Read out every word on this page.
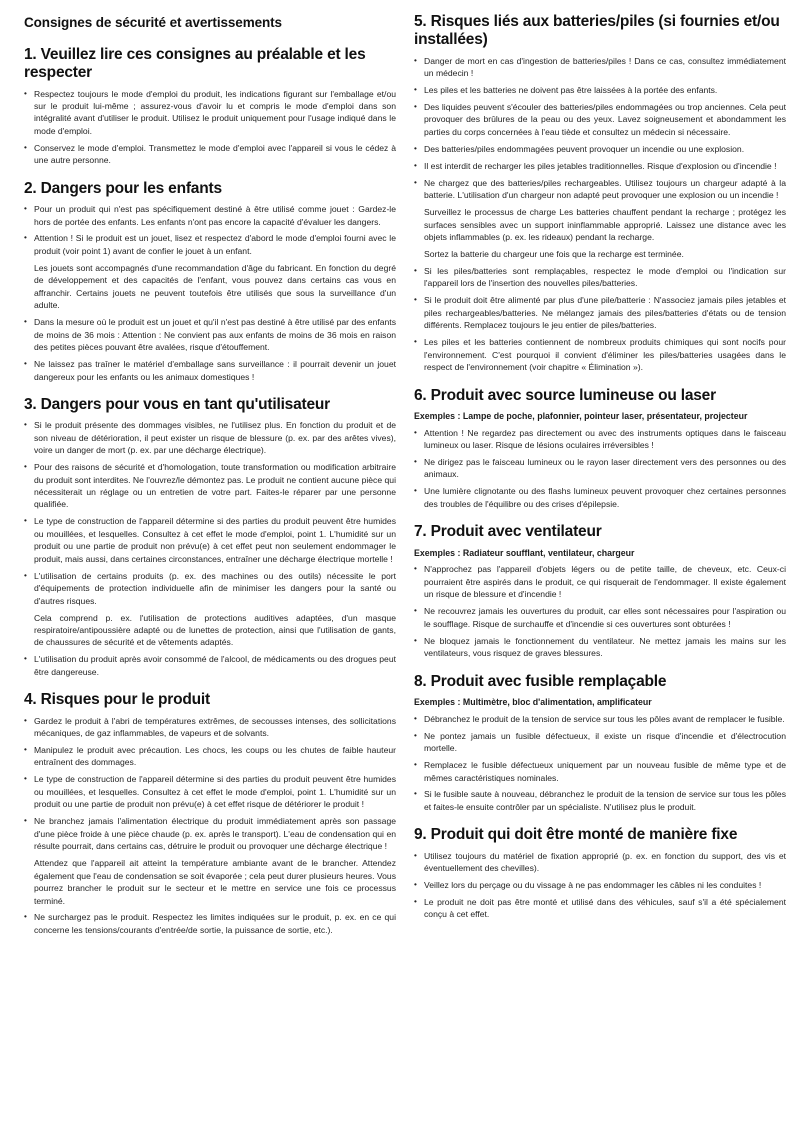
Consignes de sécurité et avertissements
1. Veuillez lire ces consignes au préalable et les respecter
• Respectez toujours le mode d'emploi du produit, les indications figurant sur l'emballage et/ou sur le produit lui-même ; assurez-vous d'avoir lu et compris le mode d'emploi dans son intégralité avant d'utiliser le produit. Utilisez le produit uniquement pour l'usage indiqué dans le mode d'emploi.

• Conservez le mode d'emploi. Transmettez le mode d'emploi avec l'appareil si vous le cédez à une autre personne.

2. Dangers pour les enfants
• Pour un produit qui n'est pas spécifiquement destiné à être utilisé comme jouet : Gardez-le hors de portée des enfants. Les enfants n'ont pas encore la capacité d'évaluer les dangers.

• Attention ! Si le produit est un jouet, lisez et respectez d'abord le mode d'emploi fourni avec le produit (voir point 1) avant de confier le jouet à un enfant.

Les jouets sont accompagnés d'une recommandation d'âge du fabricant. En fonction du degré de développement et des capacités de l'enfant, vous pouvez dans certains cas vous en affranchir. Certains jouets ne peuvent toutefois être utilisés que sous la surveillance d'un adulte.

• Dans la mesure où le produit est un jouet et qu'il n'est pas destiné à être utilisé par des enfants de moins de 36 mois : Attention : Ne convient pas aux enfants de moins de 36 mois en raison des petites pièces pouvant être avalées, risque d'étouffement.

• Ne laissez pas traîner le matériel d'emballage sans surveillance : il pourrait devenir un jouet dangereux pour les enfants ou les animaux domestiques !

3. Dangers pour vous en tant qu'utilisateur
• Si le produit présente des dommages visibles, ne l'utilisez plus. En fonction du produit et de son niveau de détérioration, il peut exister un risque de blessure (p. ex. par des arêtes vives), voire un danger de mort (p. ex. par une décharge électrique).

• Pour des raisons de sécurité et d'homologation, toute transformation ou modification arbitraire du produit sont interdites. Ne l'ouvrez/le démontez pas. Le produit ne contient aucune pièce qui nécessiterait un réglage ou un entretien de votre part. Faites-le réparer par une personne qualifiée.

• Le type de construction de l'appareil détermine si des parties du produit peuvent être humides ou mouillées, et lesquelles. Consultez à cet effet le mode d'emploi, point 1. L'humidité sur un produit ou une partie de produit non prévu(e) à cet effet peut non seulement endommager le produit, mais aussi, dans certaines circonstances, entraîner une décharge électrique mortelle !

• L'utilisation de certains produits (p. ex. des machines ou des outils) nécessite le port d'équipements de protection individuelle afin de minimiser les dangers pour la santé ou d'autres risques.

Cela comprend p. ex. l'utilisation de protections auditives adaptées, d'un masque respiratoire/antipoussière adapté ou de lunettes de protection, ainsi que l'utilisation de gants, de chaussures de sécurité et de vêtements adaptés.

• L'utilisation du produit après avoir consommé de l'alcool, de médicaments ou des drogues peut être dangereuse.

4. Risques pour le produit
• Gardez le produit à l'abri de températures extrêmes, de secousses intenses, des sollicitations mécaniques, de gaz inflammables, de vapeurs et de solvants.

• Manipulez le produit avec précaution. Les chocs, les coups ou les chutes de faible hauteur entraînent des dommages.

• Le type de construction de l'appareil détermine si des parties du produit peuvent être humides ou mouillées, et lesquelles. Consultez à cet effet le mode d'emploi, point 1. L'humidité sur un produit ou une partie de produit non prévu(e) à cet effet risque de détériorer le produit !

• Ne branchez jamais l'alimentation électrique du produit immédiatement après son passage d'une pièce froide à une pièce chaude (p. ex. après le transport). L'eau de condensation qui en résulte pourrait, dans certains cas, détruire le produit ou provoquer une décharge électrique !

Attendez que l'appareil ait atteint la température ambiante avant de le brancher. Attendez également que l'eau de condensation se soit évaporée ; cela peut durer plusieurs heures. Vous pourrez brancher le produit sur le secteur et le mettre en service une fois ce processus terminé.

• Ne surchargez pas le produit. Respectez les limites indiquées sur le produit, p. ex. en ce qui concerne les tensions/courants d'entrée/de sortie, la puissance de sortie, etc.).

5. Risques liés aux batteries/piles (si fournies et/ou installées)
• Danger de mort en cas d'ingestion de batteries/piles ! Dans ce cas, consultez immédiatement un médecin !

• Les piles et les batteries ne doivent pas être laissées à la portée des enfants.

• Des liquides peuvent s'écouler des batteries/piles endommagées ou trop anciennes. Cela peut provoquer des brûlures de la peau ou des yeux. Lavez soigneusement et abondamment les parties du corps concernées à l'eau tiède et consultez un médecin si nécessaire.

• Des batteries/piles endommagées peuvent provoquer un incendie ou une explosion.

• Il est interdit de recharger les piles jetables traditionnelles. Risque d'explosion ou d'incendie !

• Ne chargez que des batteries/piles rechargeables. Utilisez toujours un chargeur adapté à la batterie. L'utilisation d'un chargeur non adapté peut provoquer une explosion ou un incendie !

Surveillez le processus de charge Les batteries chauffent pendant la recharge ; protégez les surfaces sensibles avec un support ininflammable approprié. Laissez une distance avec les objets inflammables (p. ex. les rideaux) pendant la recharge.

Sortez la batterie du chargeur une fois que la recharge est terminée.

• Si les piles/batteries sont remplaçables, respectez le mode d'emploi ou l'indication sur l'appareil lors de l'insertion des nouvelles piles/batteries.

• Si le produit doit être alimenté par plus d'une pile/batterie : N'associez jamais piles jetables et piles rechargeables/batteries. Ne mélangez jamais des piles/batteries d'états ou de tension différents. Remplacez toujours le jeu entier de piles/batteries.

• Les piles et les batteries contiennent de nombreux produits chimiques qui sont nocifs pour l'environnement. C'est pourquoi il convient d'éliminer les piles/batteries usagées dans le respect de l'environnement (voir chapitre « Élimination »).

6. Produit avec source lumineuse ou laser

Exemples : Lampe de poche, plafonnier, pointeur laser, présentateur, projecteur

• Attention ! Ne regardez pas directement ou avec des instruments optiques dans le faisceau lumineux ou laser. Risque de lésions oculaires irréversibles !

• Ne dirigez pas le faisceau lumineux ou le rayon laser directement vers des personnes ou des animaux.

• Une lumière clignotante ou des flashs lumineux peuvent provoquer chez certaines personnes des troubles de l'équilibre ou des crises d'épilepsie.

7. Produit avec ventilateur

Exemples : Radiateur soufflant, ventilateur, chargeur

• N'approchez pas l'appareil d'objets légers ou de petite taille, de cheveux, etc. Ceux-ci pourraient être aspirés dans le produit, ce qui risquerait de l'endommager. Il existe également un risque de blessure et d'incendie !

• Ne recouvrez jamais les ouvertures du produit, car elles sont nécessaires pour l'aspiration ou le soufflage. Risque de surchauffe et d'incendie si ces ouvertures sont obturées !

• Ne bloquez jamais le fonctionnement du ventilateur. Ne mettez jamais les mains sur les ventilateurs, vous risquez de graves blessures.

8. Produit avec fusible remplaçable

Exemples : Multimètre, bloc d'alimentation, amplificateur

• Débranchez le produit de la tension de service sur tous les pôles avant de remplacer le fusible.

• Ne pontez jamais un fusible défectueux, il existe un risque d'incendie et d'électrocution mortelle.

• Remplacez le fusible défectueux uniquement par un nouveau fusible de même type et de mêmes caractéristiques nominales.

• Si le fusible saute à nouveau, débranchez le produit de la tension de service sur tous les pôles et faites-le ensuite contrôler par un spécialiste. N'utilisez plus le produit.

9. Produit qui doit être monté de manière fixe
• Utilisez toujours du matériel de fixation approprié (p. ex. en fonction du support, des vis et éventuellement des chevilles).

• Veillez lors du perçage ou du vissage à ne pas endommager les câbles ni les conduites !

• Le produit ne doit pas être monté et utilisé dans des véhicules, sauf s'il a été spécialement conçu à cet effet.
